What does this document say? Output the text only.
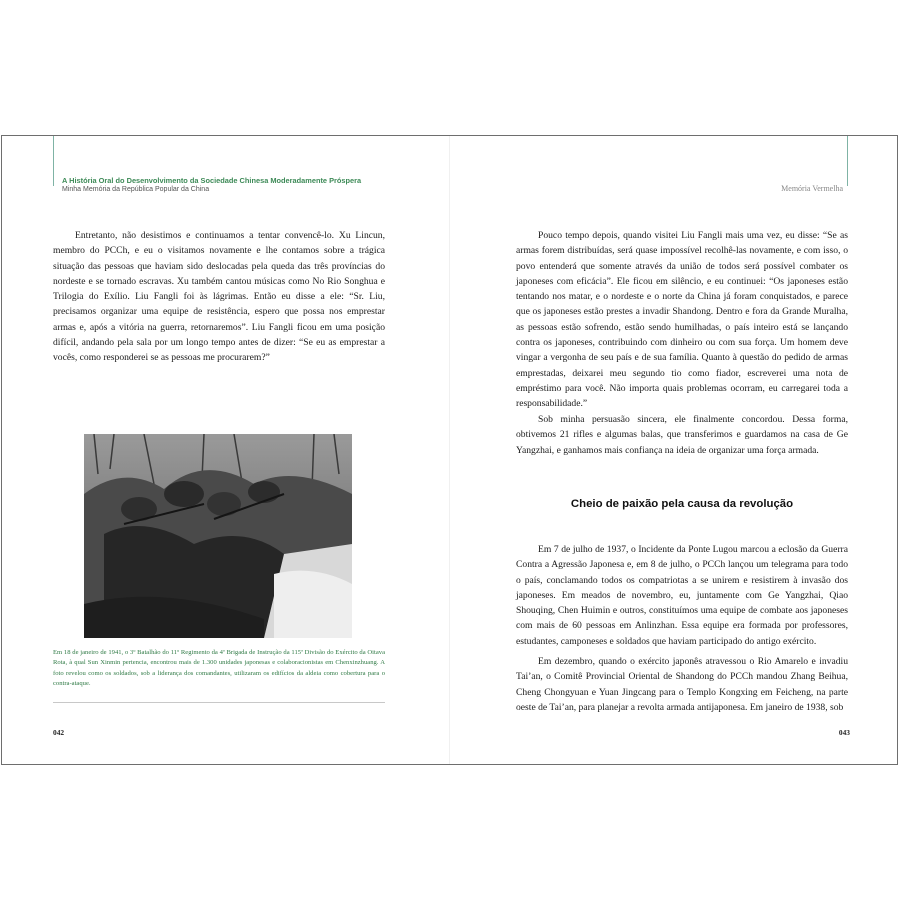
A História Oral do Desenvolvimento da Sociedade Chinesa Moderadamente Próspera
Minha Memória da República Popular da China	Memória Vermelha

Entretanto, não desistimos e continuamos a tentar convencê-lo. Xu Lincun, membro do PCCh, e eu o visitamos novamente e lhe contamos sobre a trágica situação das pessoas que haviam sido deslocadas pela queda das três províncias do nordeste e se tornado escravas. Xu também cantou músicas como No Rio Songhua e Trilogia do Exílio. Liu Fangli foi às lágrimas. Então eu disse a ele: “Sr. Liu, precisamos organizar uma equipe de resistência, espero que possa nos emprestar armas e, após a vitória na guerra, retornaremos”. Liu Fangli ficou em uma posição difícil, andando pela sala por um longo tempo antes de dizer: “Se eu as emprestar a vocês, como responderei se as pessoas me procurarem?”

Em 18 de janeiro de 1941, o 3º Batalhão do 11º Regimento da 4ª Brigada de Instrução da 115ª Divisão do Exército da Oitava Rota, à qual Sun Xinmin pertencia, encontrou mais de 1.300 unidades japonesas e colaboracionistas em Chenxinzhuang. A foto revelou como os soldados, sob a liderança dos comandantes, utilizaram os edifícios da aldeia como cobertura para o contra-ataque.

042

Pouco tempo depois, quando visitei Liu Fangli mais uma vez, eu disse: “Se as armas forem distribuídas, será quase impossível recolhê-las novamente, e com isso, o povo entenderá que somente através da união de todos será possível combater os japoneses com eficácia”. Ele ficou em silêncio, e eu continuei: “Os japoneses estão tentando nos matar, e o nordeste e o norte da China já foram conquistados, e parece que os japoneses estão prestes a invadir Shandong. Dentro e fora da Grande Muralha, as pessoas estão sofrendo, estão sendo humilhadas, o país inteiro está se lançando contra os japoneses, contribuindo com dinheiro ou com sua força. Um homem deve vingar a vergonha de seu país e de sua família. Quanto à questão do pedido de armas emprestadas, deixarei meu segundo tio como fiador, escreverei uma nota de empréstimo para você. Não importa quais problemas ocorram, eu carregarei toda a responsabilidade.”

Sob minha persuasão sincera, ele finalmente concordou. Dessa forma, obtivemos 21 rifles e algumas balas, que transferimos e guardamos na casa de Ge Yangzhai, e ganhamos mais confiança na ideia de organizar uma força armada.

Cheio de paixão pela causa da revolução

Em 7 de julho de 1937, o Incidente da Ponte Lugou marcou a eclosão da Guerra Contra a Agressão Japonesa e, em 8 de julho, o PCCh lançou um telegrama para todo o país, conclamando todos os compatriotas a se unirem e resistirem à invasão dos japoneses. Em meados de novembro, eu, juntamente com Ge Yangzhai, Qiao Shouqing, Chen Huimin e outros, constituímos uma equipe de combate aos japoneses com mais de 60 pessoas em Anlinzhan. Essa equipe era formada por professores, estudantes, camponeses e soldados que haviam participado do antigo exército.

Em dezembro, quando o exército japonês atravessou o Rio Amarelo e invadiu Tai’an, o Comitê Provincial Oriental de Shandong do PCCh mandou Zhang Beihua, Cheng Chongyuan e Yuan Jingcang para o Templo Kongxing em Feicheng, na parte oeste de Tai’an, para planejar a revolta armada antijaponesa. Em janeiro de 1938, sob

043
